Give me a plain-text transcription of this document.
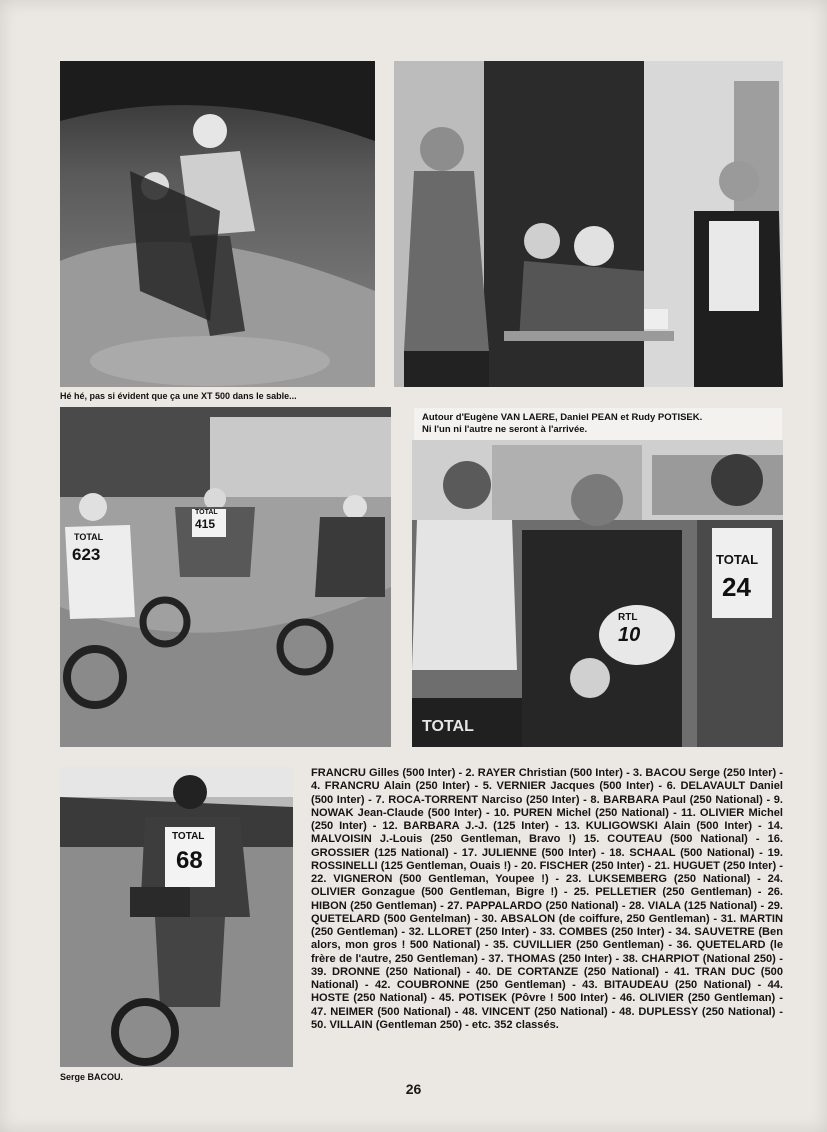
Hé hé, pas si évident que ça une XT 500 dans le sable...
TOTAL
623
TOTAL
415
Autour d'Eugène VAN LAERE, Daniel PEAN et Rudy POTISEK.
Ni l'un ni l'autre ne seront à l'arrivée.
TOTAL
24
RTL
10
TOTAL
TOTAL
68
Serge BACOU.

FRANCRU Gilles (500 Inter) - 2. RAYER Christian (500 Inter) - 3. BACOU Serge (250 Inter) - 4. FRANCRU Alain (250 Inter) - 5. VERNIER Jacques (500 Inter) - 6. DELAVAULT Daniel (500 Inter) - 7. ROCA-TORRENT Narciso (250 Inter) - 8. BARBARA Paul (250 National) - 9. NOWAK Jean-Claude (500 Inter) - 10. PUREN Michel (250 National) - 11. OLIVIER Michel (250 Inter) - 12. BARBARA J.-J. (125 Inter) - 13. KULIGOWSKI Alain (500 Inter) - 14. MALVOISIN J.-Louis (250 Gentleman, Bravo !) 15. COUTEAU (500 National) - 16. GROSSIER (125 National) - 17. JULIENNE (500 Inter) - 18. SCHAAL (500 National) - 19. ROSSINELLI (125 Gentleman, Ouais !) - 20. FISCHER (250 Inter) - 21. HUGUET (250 Inter) - 22. VIGNERON (500 Gentleman, Youpee !) - 23. LUKSEMBERG (250 National) - 24. OLIVIER Gonzague (500 Gentleman, Bigre !) - 25. PELLETIER (250 Gentleman) - 26. HIBON (250 Gentleman) - 27. PAPPALARDO (250 National) - 28. VIALA (125 National) - 29. QUETELARD (500 Gentelman) - 30. ABSALON (de coiffure, 250 Gentleman) - 31. MARTIN (250 Gentleman) - 32. LLORET (250 Inter) - 33. COMBES (250 Inter) - 34. SAUVETRE (Ben alors, mon gros ! 500 National) - 35. CUVILLIER (250 Gentleman) - 36. QUETELARD (le frère de l'autre, 250 Gentleman) - 37. THOMAS (250 Inter) - 38. CHARPIOT (National 250) - 39. DRONNE (250 National) - 40. DE CORTANZE (250 National) - 41. TRAN DUC (500 National) - 42. COUBRONNE (250 Gentleman) - 43. BITAUDEAU (250 National) - 44. HOSTE (250 National) - 45. POTISEK (Pôvre ! 500 Inter) - 46. OLIVIER (250 Gentleman) - 47. NEIMER (500 National) - 48. VINCENT (250 National) - 48. DUPLESSY (250 National) - 50. VILLAIN (Gentleman 250) - etc. 352 classés.

26
